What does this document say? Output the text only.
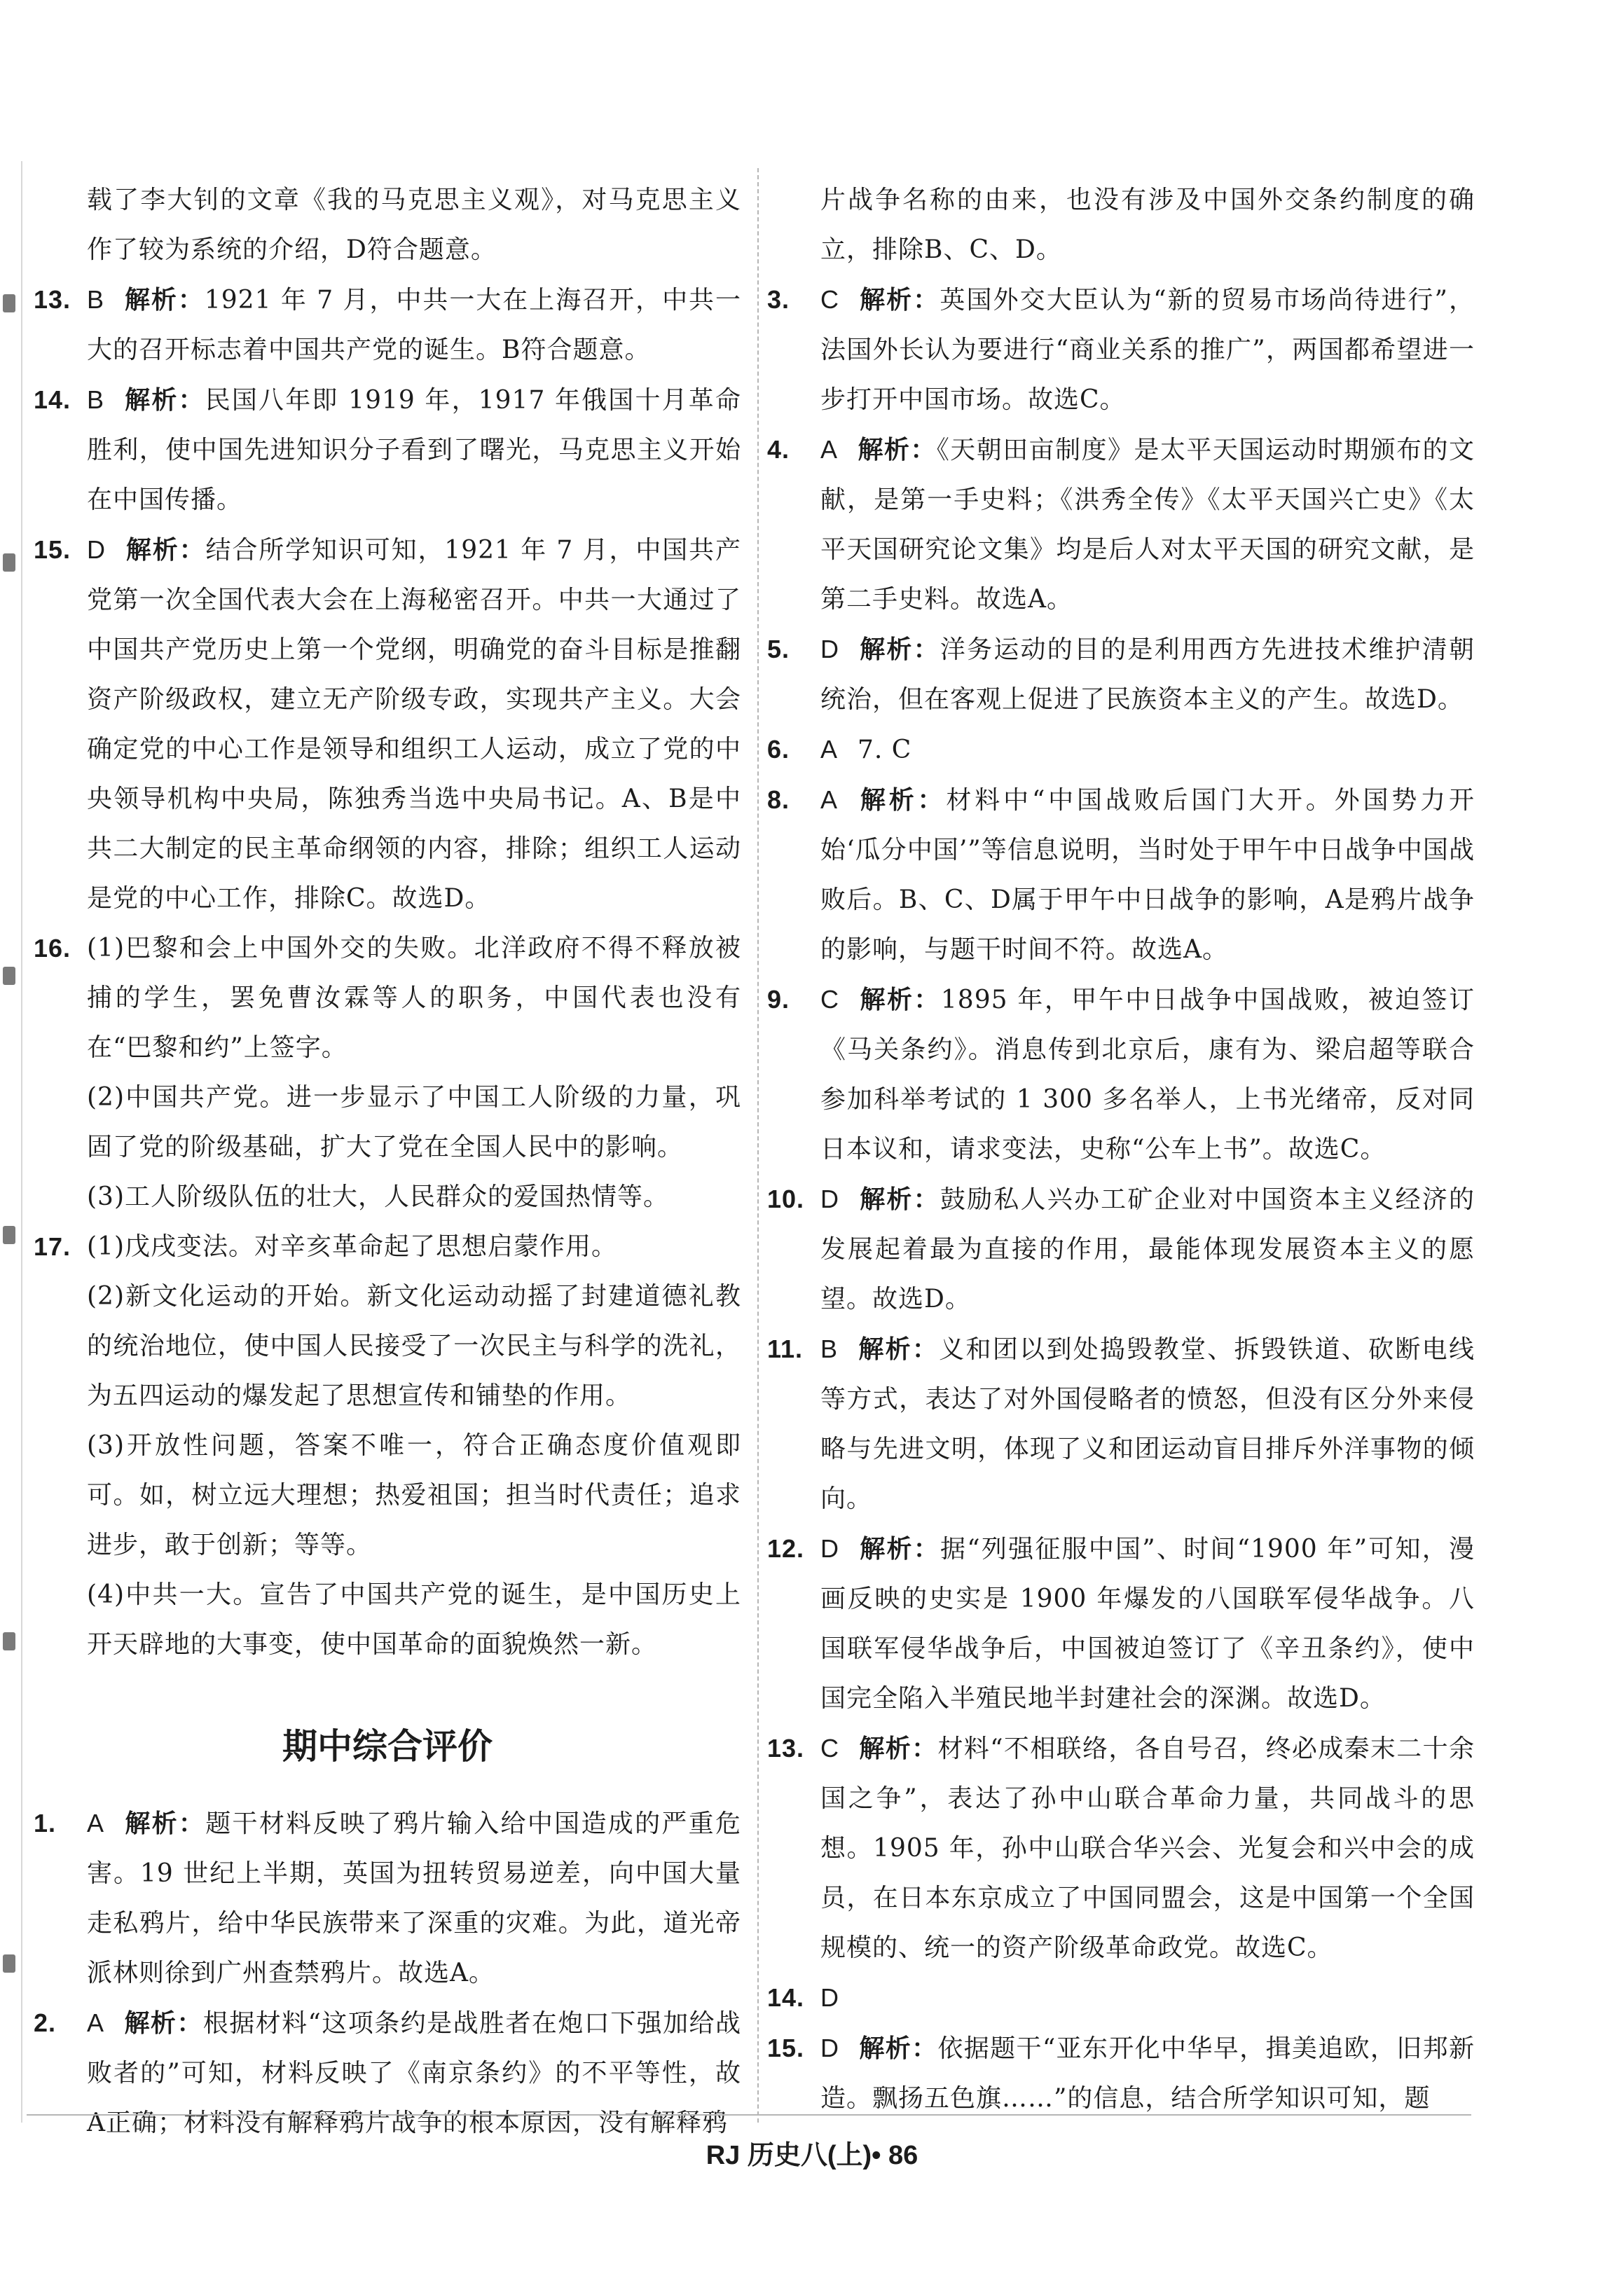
载了李大钊的文章《我的马克思主义观》，对马克思主义作了较为系统的介绍，D符合题意。
13. B 解析：1921 年 7 月，中共一大在上海召开，中共一大的召开标志着中国共产党的诞生。B符合题意。
14. B 解析：民国八年即 1919 年，1917 年俄国十月革命胜利，使中国先进知识分子看到了曙光，马克思主义开始在中国传播。
15. D 解析：结合所学知识可知，1921 年 7 月，中国共产党第一次全国代表大会在上海秘密召开。中共一大通过了中国共产党历史上第一个党纲，明确党的奋斗目标是推翻资产阶级政权，建立无产阶级专政，实现共产主义。大会确定党的中心工作是领导和组织工人运动，成立了党的中央领导机构中央局，陈独秀当选中央局书记。A、B是中共二大制定的民主革命纲领的内容，排除；组织工人运动是党的中心工作，排除C。故选D。
16. (1)巴黎和会上中国外交的失败。北洋政府不得不释放被捕的学生，罢免曹汝霖等人的职务，中国代表也没有在“巴黎和约”上签字。
(2)中国共产党。进一步显示了中国工人阶级的力量，巩固了党的阶级基础，扩大了党在全国人民中的影响。
(3)工人阶级队伍的壮大，人民群众的爱国热情等。
17. (1)戊戌变法。对辛亥革命起了思想启蒙作用。
(2)新文化运动的开始。新文化运动动摇了封建道德礼教的统治地位，使中国人民接受了一次民主与科学的洗礼，为五四运动的爆发起了思想宣传和铺垫的作用。
(3)开放性问题，答案不唯一，符合正确态度价值观即可。如，树立远大理想；热爱祖国；担当时代责任；追求进步，敢于创新；等等。
(4)中共一大。宣告了中国共产党的诞生，是中国历史上开天辟地的大事变，使中国革命的面貌焕然一新。
期中综合评价
1.	A 解析：题干材料反映了鸦片输入给中国造成的严重危害。19 世纪上半期，英国为扭转贸易逆差，向中国大量走私鸦片，给中华民族带来了深重的灾难。为此，道光帝派林则徐到广州查禁鸦片。故选A。
2.	A 解析：根据材料“这项条约是战胜者在炮口下强加给战败者的”可知，材料反映了《南京条约》的不平等性，故A正确；材料没有解释鸦片战争的根本原因，没有解释鸦
片战争名称的由来，也没有涉及中国外交条约制度的确立，排除B、C、D。
3.	C 解析：英国外交大臣认为“新的贸易市场尚待进行”，法国外长认为要进行“商业关系的推广”，两国都希望进一步打开中国市场。故选C。
4.	A 解析：《天朝田亩制度》是太平天国运动时期颁布的文献，是第一手史料；《洪秀全传》《太平天国兴亡史》《太平天国研究论文集》均是后人对太平天国的研究文献，是第二手史料。故选A。
5.	D 解析：洋务运动的目的是利用西方先进技术维护清朝统治，但在客观上促进了民族资本主义的产生。故选D。
6.	A 7. C
8.	A 解析：材料中“中国战败后国门大开。外国势力开始‘瓜分中国’”等信息说明，当时处于甲午中日战争中国战败后。B、C、D属于甲午中日战争的影响，A是鸦片战争的影响，与题干时间不符。故选A。
9.	C 解析：1895 年，甲午中日战争中国战败，被迫签订《马关条约》。消息传到北京后，康有为、梁启超等联合参加科举考试的 1 300 多名举人，上书光绪帝，反对同日本议和，请求变法，史称“公车上书”。故选C。
10. D 解析：鼓励私人兴办工矿企业对中国资本主义经济的发展起着最为直接的作用，最能体现发展资本主义的愿望。故选D。
11. B 解析：义和团以到处捣毁教堂、拆毁铁道、砍断电线等方式，表达了对外国侵略者的愤怒，但没有区分外来侵略与先进文明，体现了义和团运动盲目排斥外洋事物的倾向。
12. D 解析：据“列强征服中国”、时间“1900 年”可知，漫画反映的史实是 1900 年爆发的八国联军侵华战争。八国联军侵华战争后，中国被迫签订了《辛丑条约》，使中国完全陷入半殖民地半封建社会的深渊。故选D。
13. C 解析：材料“不相联络，各自号召，终必成秦末二十余国之争”，表达了孙中山联合革命力量，共同战斗的思想。1905 年，孙中山联合华兴会、光复会和兴中会的成员，在日本东京成立了中国同盟会，这是中国第一个全国规模的、统一的资产阶级革命政党。故选C。
14. D
15. D 解析：依据题干“亚东开化中华早，揖美追欧，旧邦新造。飘扬五色旗……”的信息，结合所学知识可知，题
RJ 历史八(上)• 86
